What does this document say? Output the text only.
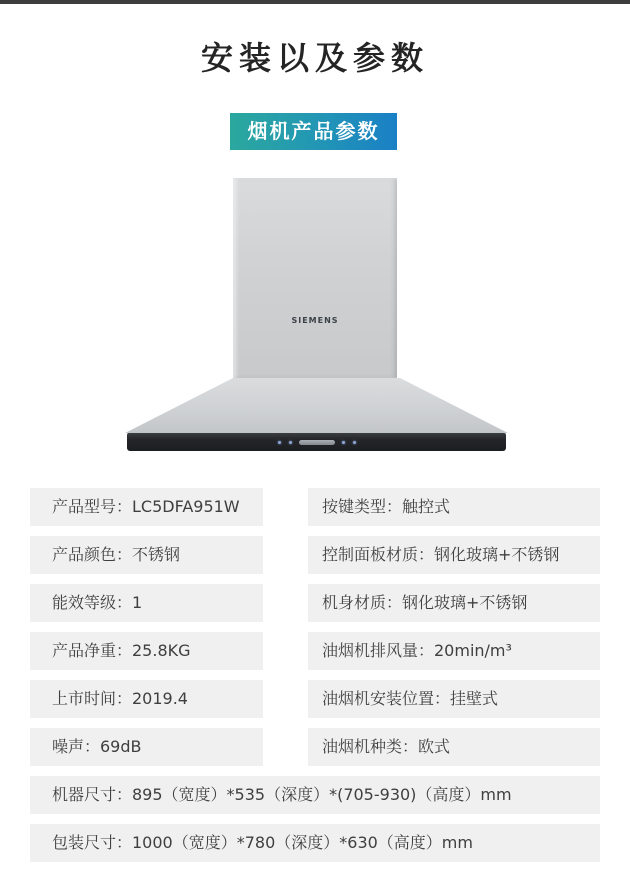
安装以及参数
烟机产品参数
SIEMENS
产品型号：LC5DFA951W	按键类型：触控式
产品颜色：不锈钢	控制面板材质：钢化玻璃+不锈钢
能效等级：1	机身材质：钢化玻璃+不锈钢
产品净重：25.8KG	油烟机排风量：20min/m³
上市时间：2019.4	油烟机安装位置：挂壁式
噪声：69dB	油烟机种类：欧式
机器尺寸：895（宽度）*535（深度）*(705-930)（高度）mm
包装尺寸：1000（宽度）*780（深度）*630（高度）mm
